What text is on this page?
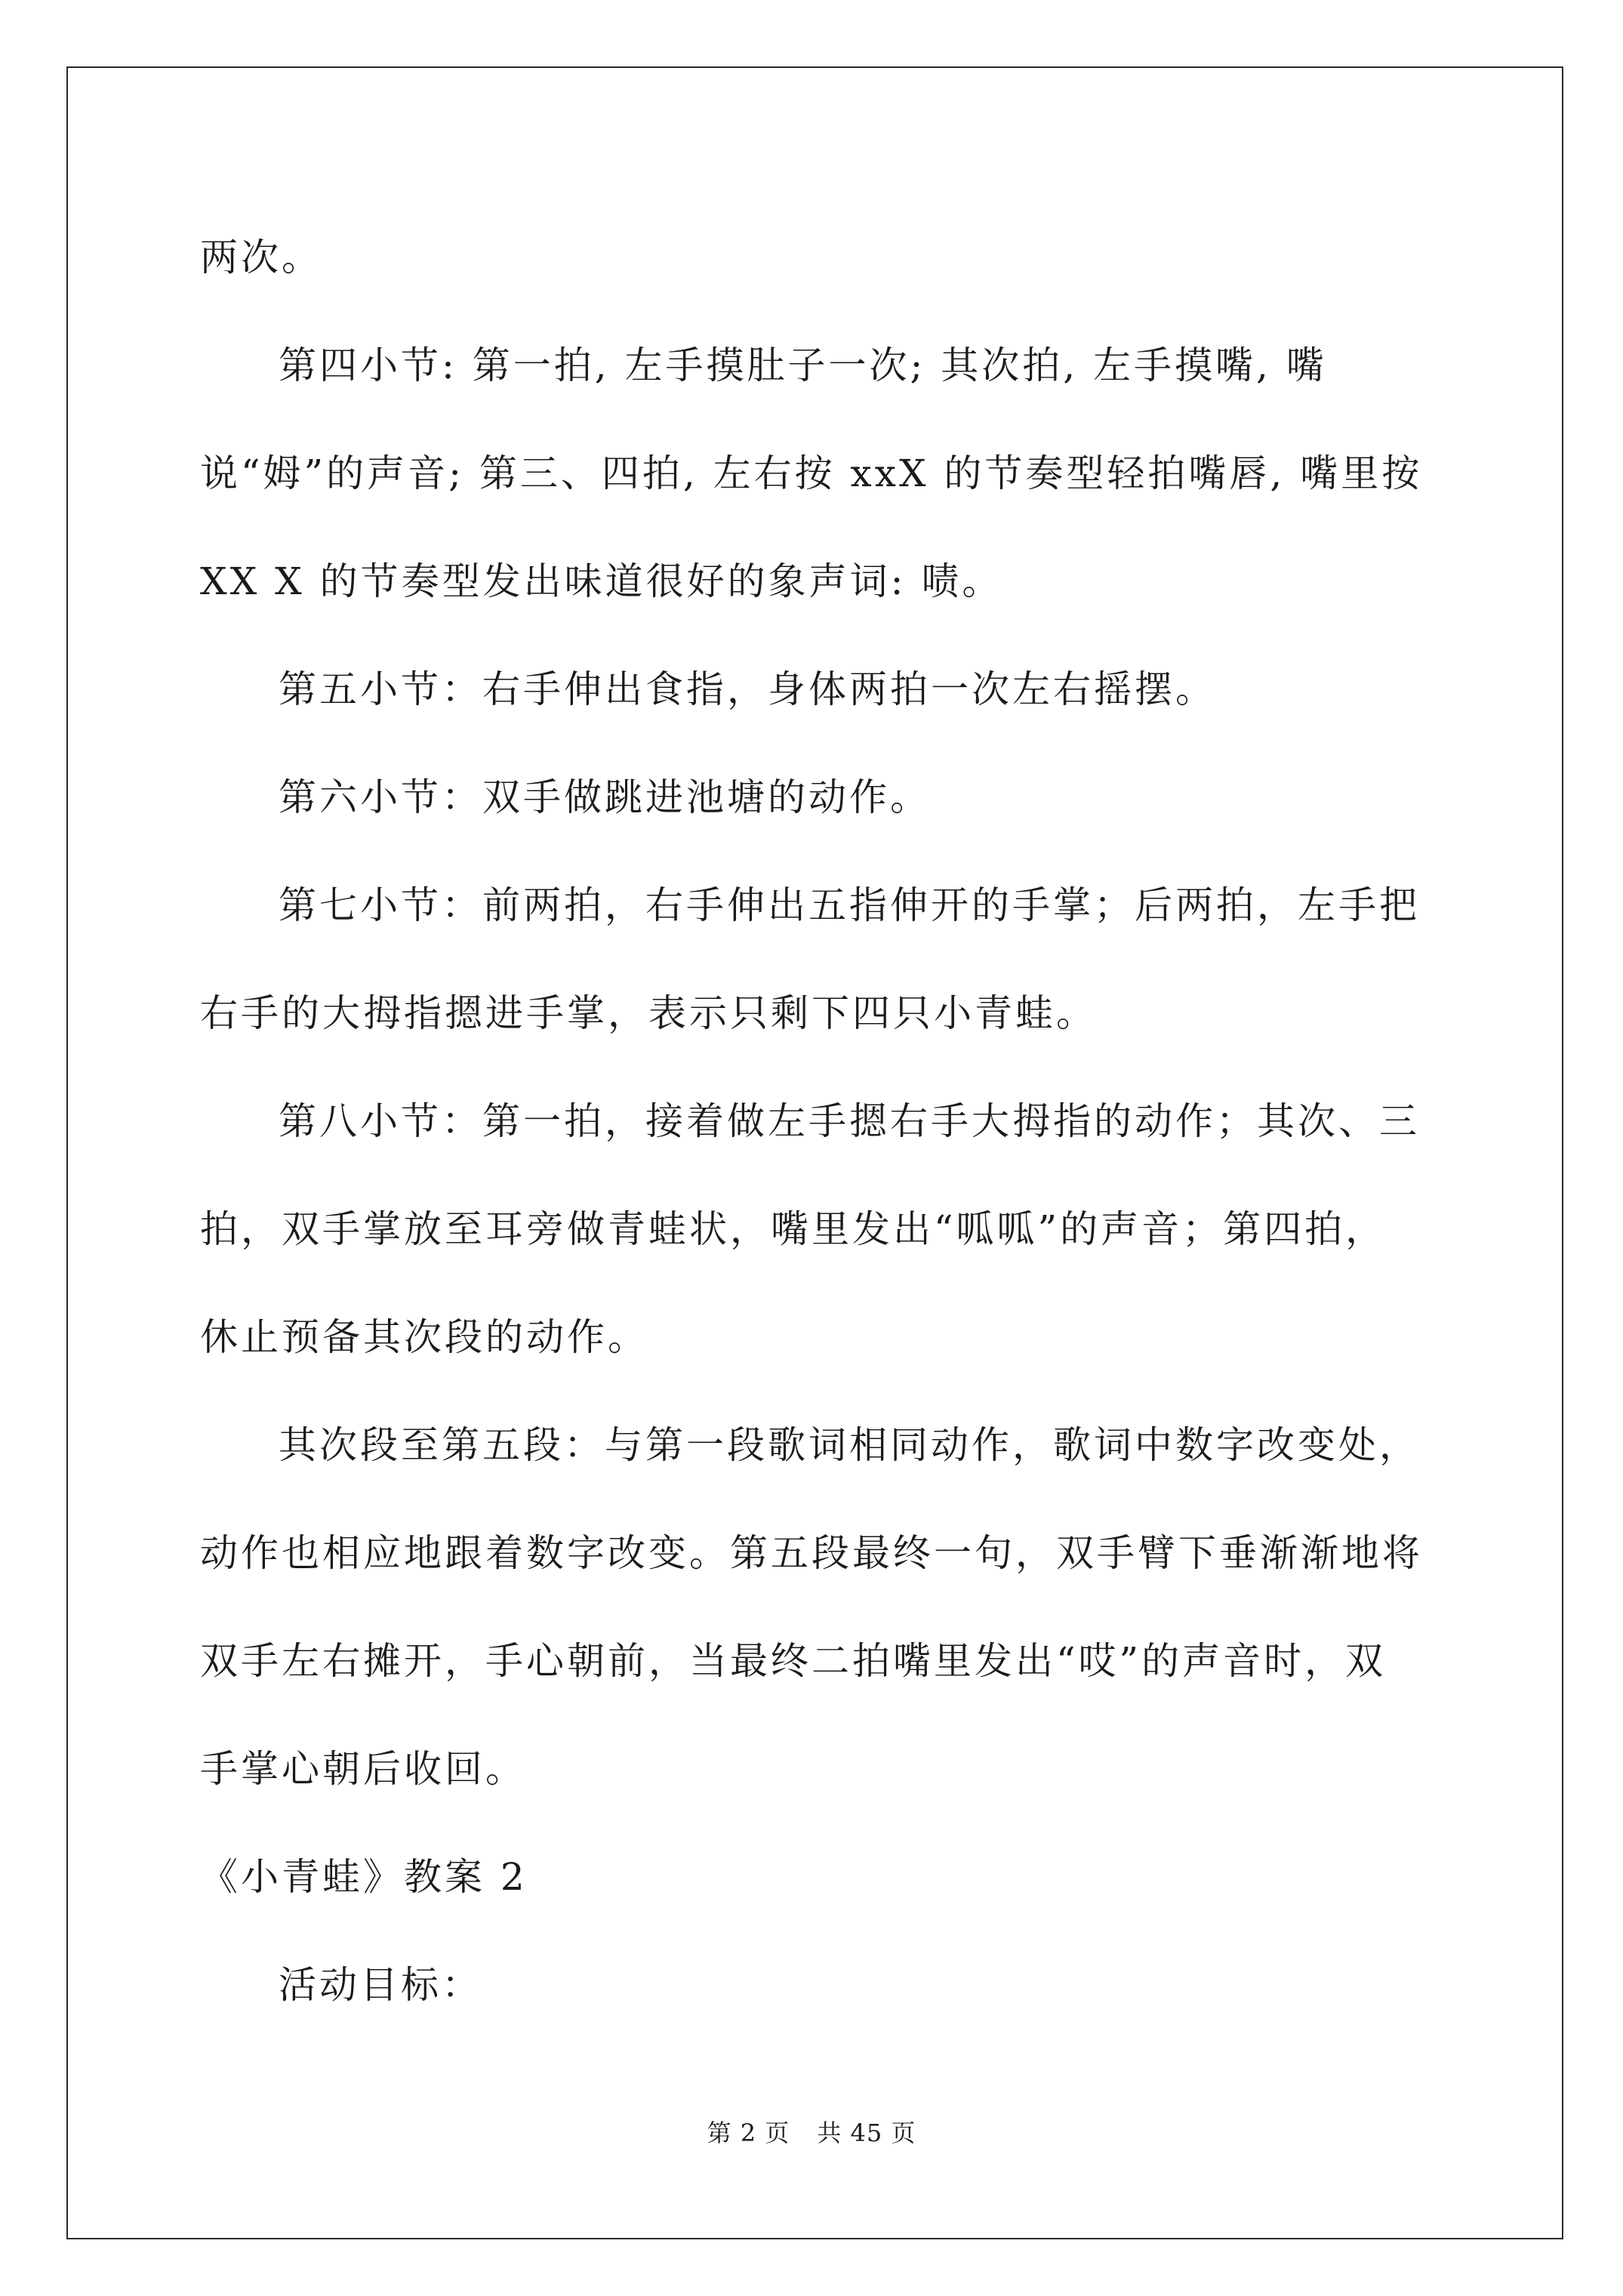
两次。

第四小节: 第一拍, 左手摸肚子一次; 其次拍, 左手摸嘴, 嘴说“姆”的声音; 第三、四拍, 左右按 xxX 的节奏型轻拍嘴唇, 嘴里按 XX X 的节奏型发出味道很好的象声词: 啧。

第五小节：右手伸出食指，身体两拍一次左右摇摆。

第六小节：双手做跳进池塘的动作。

第七小节：前两拍，右手伸出五指伸开的手掌；后两拍，左手把右手的大拇指摁进手掌，表示只剩下四只小青蛙。

第八小节：第一拍，接着做左手摁右手大拇指的动作；其次、三拍，双手掌放至耳旁做青蛙状，嘴里发出“呱呱”的声音；第四拍，休止预备其次段的动作。

其次段至第五段：与第一段歌词相同动作，歌词中数字改变处，动作也相应地跟着数字改变。第五段最终一句，双手臂下垂渐渐地将双手左右摊开，手心朝前，当最终二拍嘴里发出“哎”的声音时，双手掌心朝后收回。

《小青蛙》教案 2

活动目标：

第 2 页 共 45 页
